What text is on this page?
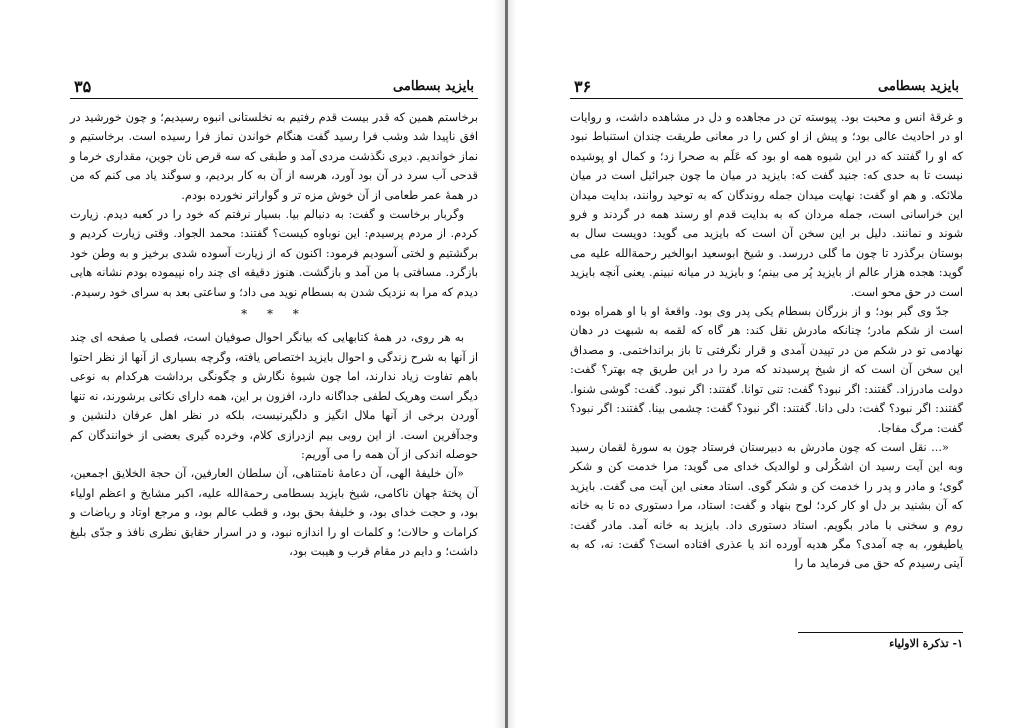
بايزيد بسطامی
۳۵

برخاستم همين که قدر بيست قدم رفتيم به نخلستانی انبوه رسيديم؛ و چون خورشيد در افق ناپيدا شد وشب فرا رسيد گفت هنگام خواندن نماز فرا رسيده است. برخاستيم و نماز خوانديم. ديری نگذشت مردی آمد و طبقی که سه قرص نان جوين، مقداری خرما و قدحی آب سرد در آن بود آورد، هرسه از آن به کار برديم، و سوگند ياد می کنم که من در همهٔ عمر طعامی از آن خوش مزه تر و گواراتر نخورده بودم.

وگربار برخاست و گفت: به دنبالم بيا. بسيار نرفتم که خود را در کعبه ديدم. زيارت کردم. از مردم پرسيدم: اين نوباوه کيست؟ گفتند: محمد الجواد. وقتی زيارت کرديم و برگشتيم و لختی آسوديم فرمود: اکنون که از زيارت آسوده شدی برخيز و به وطن خود بازگرد. مسافتی با من آمد و بازگشت. هنوز دقيقه ای چند راه نپيموده بودم نشانه هايی ديدم که مرا به نزديک شدن به بسطام نويد می داد؛ و ساعتی بعد به سرای خود رسيدم.

* * *

به هر روی، در همهٔ کتابهايی که بيانگر احوال صوفيان است، فصلی يا صفحه ای چند از آنها به شرح زندگی و احوال بايزيد اختصاص يافته، وگرچه بسياری از آنها از نظر احتوا باهم تفاوت زياد ندارند، اما چون شيوهٔ نگارش و چگونگی برداشت هرکدام به نوعی ديگر است وهريک لطفی جداگانه دارد، افزون بر اين، همه دارای نکاتی برشورند، نه تنها آوردن برخی از آنها ملال انگيز و دلگيرنيست، بلکه در نظر اهل عرفان دلنشين و وجدآفرين است. از اين روبی بيم ازدرازی کلام، وخرده گيری بعضی از خوانندگان کم حوصله اندکی از آن همه را می آوريم:

«آن خليفهٔ الهی، آن دعامهٔ نامتناهی، آن سلطان العارفين، آن حجة الخلايق اجمعين، آن پختهٔ جهان ناکامی، شيخ بايزيد بسطامی رحمةالله عليه، اکبر مشايخ و اعظم اولياء بود، و حجت خدای بود، و خليفهٔ بحق بود، و قطب عالم بود، و مرجع اوتاد و رياضات و کرامات و حالات؛ و کلمات او را اندازه نبود، و در اسرار حقايق نظری نافذ و جدّی بليغ داشت؛ و دايم در مقام قرب و هيبت بود،

بايزيد بسطامی
۳۶

و غرقهٔ انس و محبت بود. پيوسته تن در مجاهده و دل در مشاهده داشت، و روايات او در احاديث عالی بود؛ و پيش از او کس را در معانی طريقت چندان استنباط نبود که او را گفتند که در اين شيوه همه او بود که عَلَم به صحرا زد؛ و کمال او پوشيده نيست تا به حدی که: جنيد گفت که: بايزيد در ميان ما چون جبرائيل است در ميان ملائکه. و هم او گفت: نهايت ميدان جمله روندگان که به توحيد روانند، بدايت ميدان اين خراسانی است، جمله مردان که به بدايت قدم او رسند همه در گردند و فرو شوند و نمانند. دليل بر اين سخن آن است که بايزيد می گويد: دويست سال به بوستان برگذرد تا چون ما گلی دررسد. و شيخ ابوسعيد ابوالخير رحمةالله عليه می گويد: هجده هزار عالم از بايزيد پُر می بينم؛ و بايزيد در ميانه نبينم. يعنی آنچه بايزيد است در حق محو است.

جدّ وی گبر بود؛ و از بزرگان بسطام يکی پدر وی بود. واقعهٔ او با او همراه بوده است از شکم مادر؛ چنانکه مادرش نقل کند: هر گاه که لقمه به شبهت در دهان نهادمی تو در شکم من در تپيدن آمدی و قرار نگرفتی تا باز برانداختمی. و مصداق اين سخن آن است که از شيخ پرسيدند که مرد را در اين طريق چه بهتر؟ گفت: دولت مادرزاد. گفتند: اگر نبود؟ گفت: تنی توانا. گفتند: اگر نبود. گفت: گوشی شنوا. گفتند: اگر نبود؟ گفت: دلی دانا. گفتند: اگر نبود؟ گفت: چشمی بينا. گفتند: اگر نبود؟ گفت: مرگ مفاجا.

«... نقل است که چون مادرش به دبيرستان فرستاد چون به سورهٔ لقمان رسيد وبه اين آيت رسيد ان اشکُرلی و لوالديک خدای می گويد: مرا خدمت کن و شکر گوی؛ و مادر و پدر را خدمت کن و شکر گوی. استاد معنی اين آيت می گفت. بايزيد که آن بشنيد بر دل او کار کرد؛ لوح بنهاد و گفت: استاد، مرا دستوری ده تا به خانه روم و سخنی با مادر بگويم. استاد دستوری داد. بايزيد به خانه آمد. مادر گفت: ياطيفور، به چه آمدی؟ مگر هديه آورده اند يا عذری افتاده است؟ گفت: نه، که به آيتی رسيدم که حق می فرمايد ما را

۱- تذکرة الاولياء
